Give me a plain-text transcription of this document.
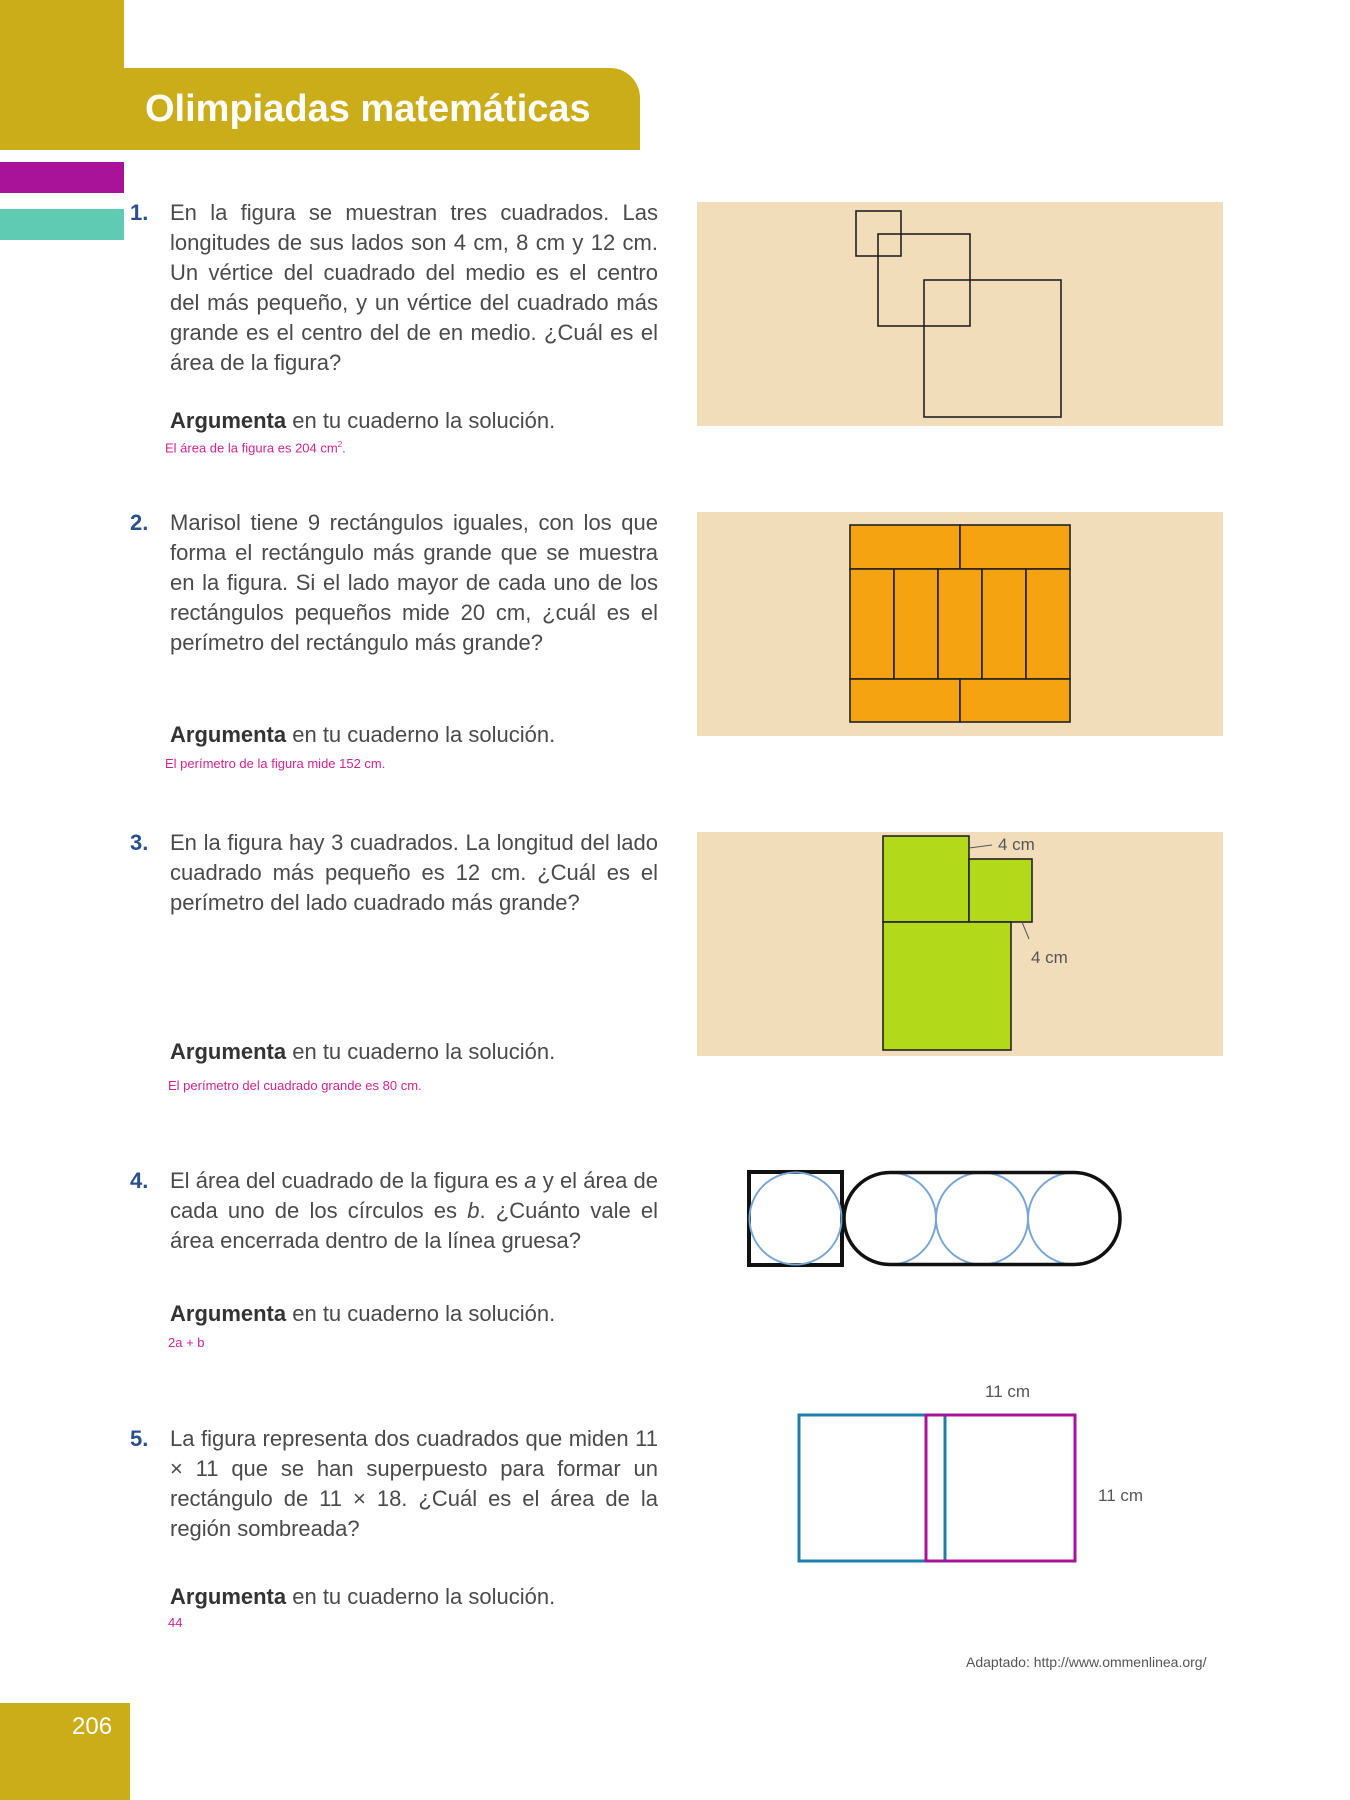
Olimpiadas matemáticas
1. En la figura se muestran tres cuadrados. Las longitudes de sus lados son 4 cm, 8 cm y 12 cm. Un vértice del cuadrado del medio es el centro del más pequeño, y un vértice del cuadrado más grande es el centro del de en medio. ¿Cuál es el área de la figura?
Argumenta en tu cuaderno la solución.
El área de la figura es 204 $cm^2$.
2. Marisol tiene 9 rectángulos iguales, con los que forma el rectángulo más grande que se muestra en la figura. Si el lado mayor de cada uno de los rectángulos pequeños mide 20 cm, ¿cuál es el perímetro del rectángulo más grande?
Argumenta en tu cuaderno la solución.
El perímetro de la figura mide 152 cm.
3. En la figura hay 3 cuadrados. La longitud del lado cuadrado más pequeño es 12 cm. ¿Cuál es el perímetro del lado cuadrado más grande?
Argumenta en tu cuaderno la solución.
El perímetro del cuadrado grande es 80 cm.
4 cm
4 cm
4. El área del cuadrado de la figura es a y el área de cada uno de los círculos es b. ¿Cuánto vale el área encerrada dentro de la línea gruesa?
Argumenta en tu cuaderno la solución.
2a + b
5. La figura representa dos cuadrados que miden 11 × 11 que se han superpuesto para formar un rectángulo de 11 × 18. ¿Cuál es el área de la región sombreada?
Argumenta en tu cuaderno la solución.
44
11 cm
11 cm
Adaptado: http://www.ommenlinea.org/
206
